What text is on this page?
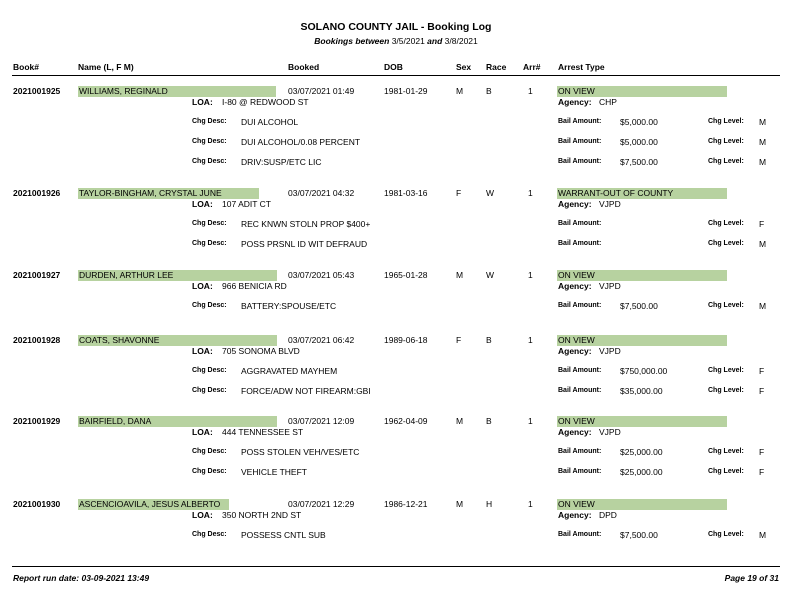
SOLANO COUNTY JAIL - Booking Log
Bookings between 3/5/2021 and 3/8/2021
Book#	Name (L, F M)	Booked	DOB	Sex Race Arr# Arrest Type
2021001925 WILLIAMS, REGINALD	03/07/2021 01:49	1981-01-29	M	B	1	ON VIEW
LOA: I-80 @ REDWOOD ST	Agency: CHP
Chg Desc: DUI ALCOHOL	Bail Amount: $5,000.00	Chg Level: M
Chg Desc: DUI ALCOHOL/0.08 PERCENT	Bail Amount: $5,000.00	Chg Level: M
Chg Desc: DRIV:SUSP/ETC LIC	Bail Amount: $7,500.00	Chg Level: M
2021001926 TAYLOR-BINGHAM, CRYSTAL JUNE	03/07/2021 04:32	1981-03-16	F	W	1	WARRANT-OUT OF COUNTY
LOA: 107 ADIT CT	Agency: VJPD
Chg Desc: REC KNWN STOLN PROP $400+	Bail Amount:	Chg Level: F
Chg Desc: POSS PRSNL ID WIT DEFRAUD	Bail Amount:	Chg Level: M
2021001927 DURDEN, ARTHUR LEE	03/07/2021 05:43	1965-01-28	M	W	1	ON VIEW
LOA: 966 BENICIA RD	Agency: VJPD
Chg Desc: BATTERY:SPOUSE/ETC	Bail Amount: $7,500.00	Chg Level: M
2021001928 COATS, SHAVONNE	03/07/2021 06:42	1989-06-18	F	B	1	ON VIEW
LOA: 705 SONOMA BLVD	Agency: VJPD
Chg Desc: AGGRAVATED MAYHEM	Bail Amount: $750,000.00	Chg Level: F
Chg Desc: FORCE/ADW NOT FIREARM:GBI	Bail Amount: $35,000.00	Chg Level: F
2021001929 BAIRFIELD, DANA	03/07/2021 12:09	1962-04-09	M	B	1	ON VIEW
LOA: 444 TENNESSEE ST	Agency: VJPD
Chg Desc: POSS STOLEN VEH/VES/ETC	Bail Amount: $25,000.00	Chg Level: F
Chg Desc: VEHICLE THEFT	Bail Amount: $25,000.00	Chg Level: F
2021001930 ASCENCIOAVILA, JESUS ALBERTO	03/07/2021 12:29	1986-12-21	M	H	1	ON VIEW
LOA: 350 NORTH 2ND ST	Agency: DPD
Chg Desc: POSSESS CNTL SUB	Bail Amount: $7,500.00	Chg Level: M
Report run date: 03-09-2021 13:49	Page 19 of 31
